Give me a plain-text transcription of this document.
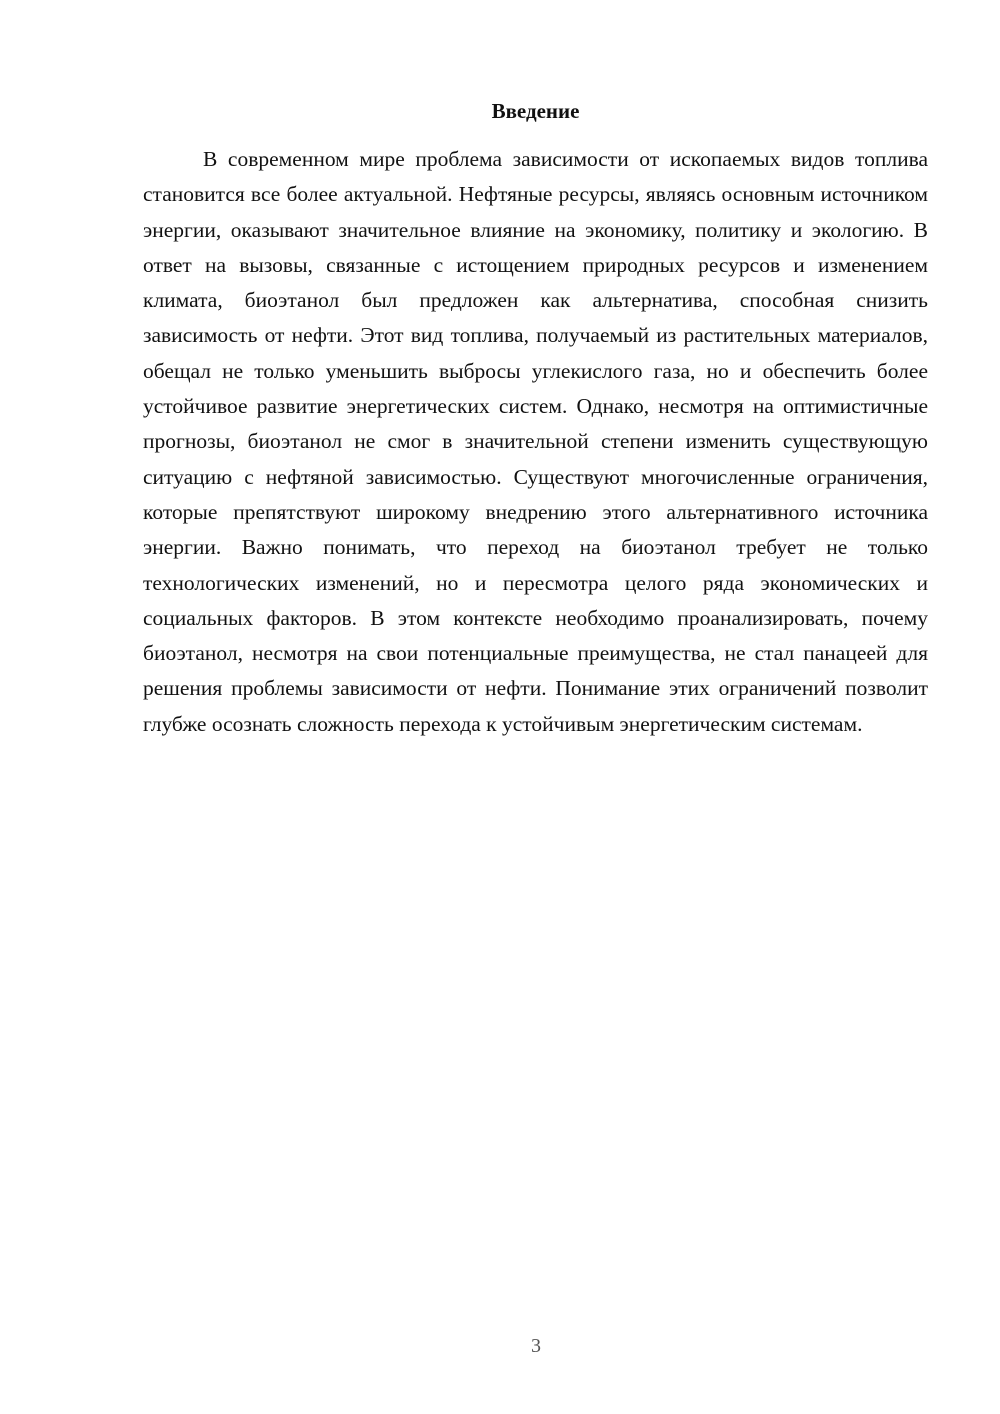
Введение

В современном мире проблема зависимости от ископаемых видов топлива становится все более актуальной. Нефтяные ресурсы, являясь основным источником энергии, оказывают значительное влияние на экономику, политику и экологию. В ответ на вызовы, связанные с истощением природных ресурсов и изменением климата, биоэтанол был предложен как альтернатива, способная снизить зависимость от нефти. Этот вид топлива, получаемый из растительных материалов, обещал не только уменьшить выбросы углекислого газа, но и обеспечить более устойчивое развитие энергетических систем. Однако, несмотря на оптимистичные прогнозы, биоэтанол не смог в значительной степени изменить существующую ситуацию с нефтяной зависимостью. Существуют многочисленные ограничения, которые препятствуют широкому внедрению этого альтернативного источника энергии. Важно понимать, что переход на биоэтанол требует не только технологических изменений, но и пересмотра целого ряда экономических и социальных факторов. В этом контексте необходимо проанализировать, почему биоэтанол, несмотря на свои потенциальные преимущества, не стал панацеей для решения проблемы зависимости от нефти. Понимание этих ограничений позволит глубже осознать сложность перехода к устойчивым энергетическим системам.

3
